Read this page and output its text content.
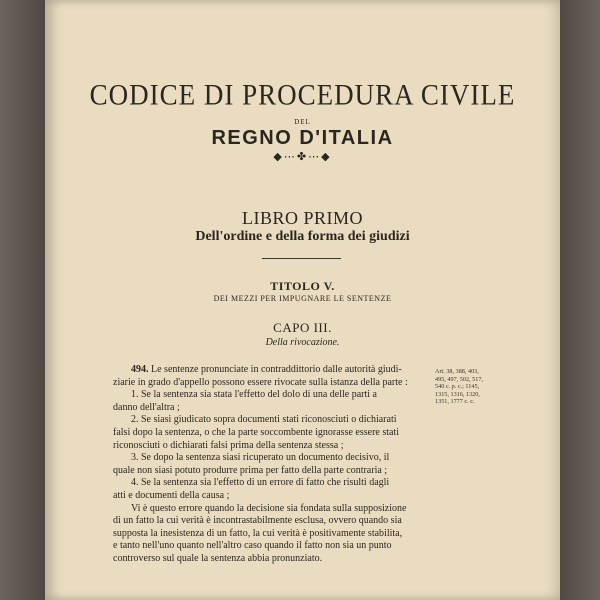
CODICE DI PROCEDURA CIVILE
DEL
REGNO D'ITALIA
◆⋯✤⋯◆
LIBRO PRIMO
Dell'ordine e della forma dei giudizi
TITOLO V.
DEI MEZZI PER IMPUGNARE LE SENTENZE
CAPO III.
Della rivocazione.
494. Le sentenze pronunciate in contraddittorio dalle autorità giudi-
ziarie in grado d'appello possono essere rivocate sulla istanza della parte :
1. Se la sentenza sia stata l'effetto del dolo di una delle parti a
danno dell'altra ;
2. Se siasi giudicato sopra documenti stati riconosciuti o dichiarati
falsi dopo la sentenza, o che la parte soccombente ignorasse essere stati
riconosciuti o dichiarati falsi prima della sentenza stessa ;
3. Se dopo la sentenza siasi ricuperato un documento decisivo, il
quale non siasi potuto produrre prima per fatto della parte contraria ;
4. Se la sentenza sia l'effetto di un errore di fatto che risulti dagli
atti e documenti della causa ;
Vi è questo errore quando la decisione sia fondata sulla supposizione
di un fatto la cui verità è incontrastabilmente esclusa, ovvero quando sia
supposta la inesistenza di un fatto, la cui verità è positivamente stabilita,
e tanto nell'uno quanto nell'altro caso quando il fatto non sia un punto
controverso sul quale la sentenza abbia pronunziato.
Art. 38, 388, 403,
495, 497, 502, 517,
540 c. p. c.; 1145,
1315, 1316, 1320,
1351, 1777 c. c.
